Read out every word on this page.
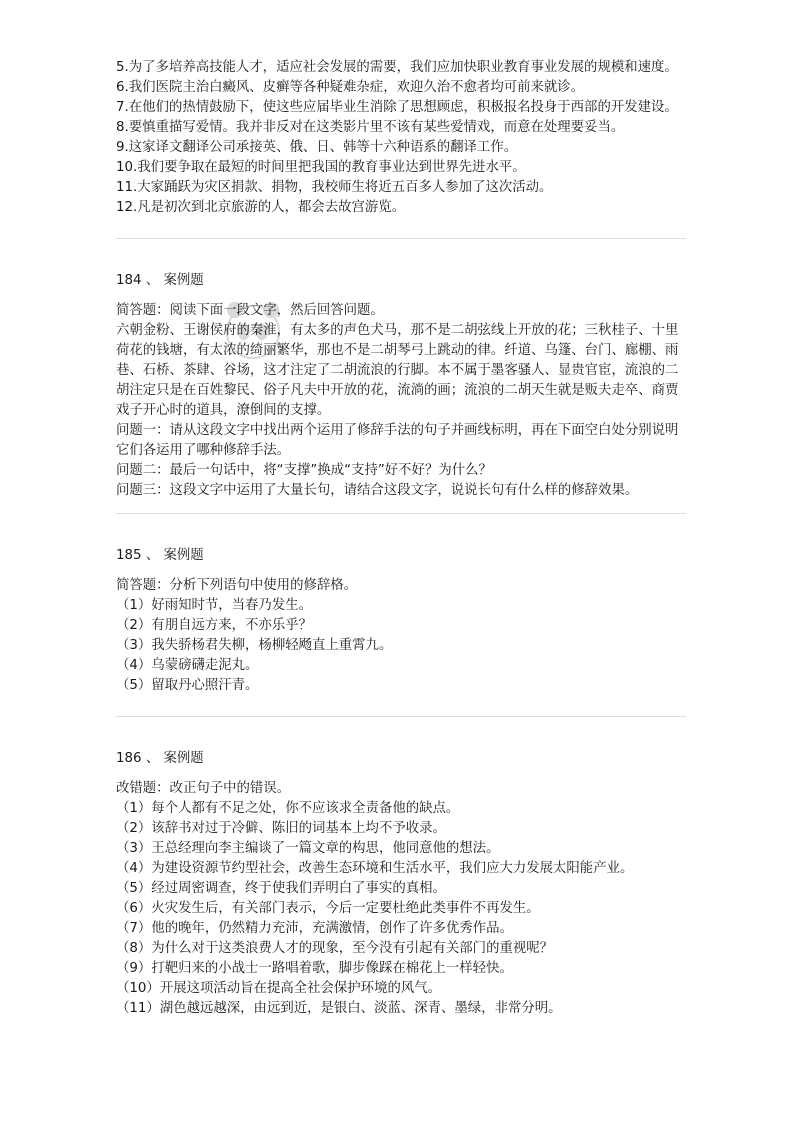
5.为了多培养高技能人才，适应社会发展的需要，我们应加快职业教育事业发展的规模和速度。
6.我们医院主治白癜风、皮癣等各种疑难杂症，欢迎久治不愈者均可前来就诊。
7.在他们的热情鼓励下，使这些应届毕业生消除了思想顾虑，积极报名投身于西部的开发建设。
8.要慎重描写爱情。我并非反对在这类影片里不该有某些爱情戏，而意在处理要妥当。
9.这家译文翻译公司承接英、俄、日、韩等十六种语系的翻译工作。
10.我们要争取在最短的时间里把我国的教育事业达到世界先进水平。
11.大家踊跃为灾区捐款、捐物，我校师生将近五百多人参加了这次活动。
12.凡是初次到北京旅游的人，都会去故宫游览。
184 、 案例题
简答题：阅读下面一段文字，然后回答问题。
六朝金粉、王谢侯府的秦淮，有太多的声色犬马，那不是二胡弦线上开放的花；三秋桂子、十里荷花的钱塘，有太浓的绮丽繁华，那也不是二胡琴弓上跳动的律。纤道、乌篷、台门、廊棚、雨巷、石桥、茶肆、谷场，这才注定了二胡流浪的行脚。本不属于墨客骚人、显贵官宦，流浪的二胡注定只是在百姓黎民、俗子凡夫中开放的花，流淌的画；流浪的二胡天生就是贩夫走卒、商贾戏子开心时的道具，潦倒间的支撑。
问题一：请从这段文字中找出两个运用了修辞手法的句子并画线标明，再在下面空白处分别说明它们各运用了哪种修辞手法。
问题二：最后一句话中，将“支撑”换成“支持”好不好？为什么？
问题三：这段文字中运用了大量长句，请结合这段文字，说说长句有什么样的修辞效果。
185 、 案例题
简答题：分析下列语句中使用的修辞格。
（1）好雨知时节，当春乃发生。
（2）有朋自远方来，不亦乐乎？
（3）我失骄杨君失柳，杨柳轻飏直上重霄九。
（4）乌蒙磅礴走泥丸。
（5）留取丹心照汗青。
186 、 案例题
改错题：改正句子中的错误。
（1）每个人都有不足之处，你不应该求全责备他的缺点。
（2）该辞书对过于冷僻、陈旧的词基本上均不予收录。
（3）王总经理向李主编谈了一篇文章的构思，他同意他的想法。
（4）为建设资源节约型社会，改善生态环境和生活水平，我们应大力发展太阳能产业。
（5）经过周密调查，终于使我们弄明白了事实的真相。
（6）火灾发生后，有关部门表示，今后一定要杜绝此类事件不再发生。
（7）他的晚年，仍然精力充沛，充满激情，创作了许多优秀作品。
（8）为什么对于这类浪费人才的现象，至今没有引起有关部门的重视呢？
（9）打靶归来的小战士一路唱着歌，脚步像踩在棉花上一样轻快。
（10）开展这项活动旨在提高全社会保护环境的风气。
（11）湖色越远越深，由远到近，是银白、淡蓝、深青、墨绿，非常分明。
